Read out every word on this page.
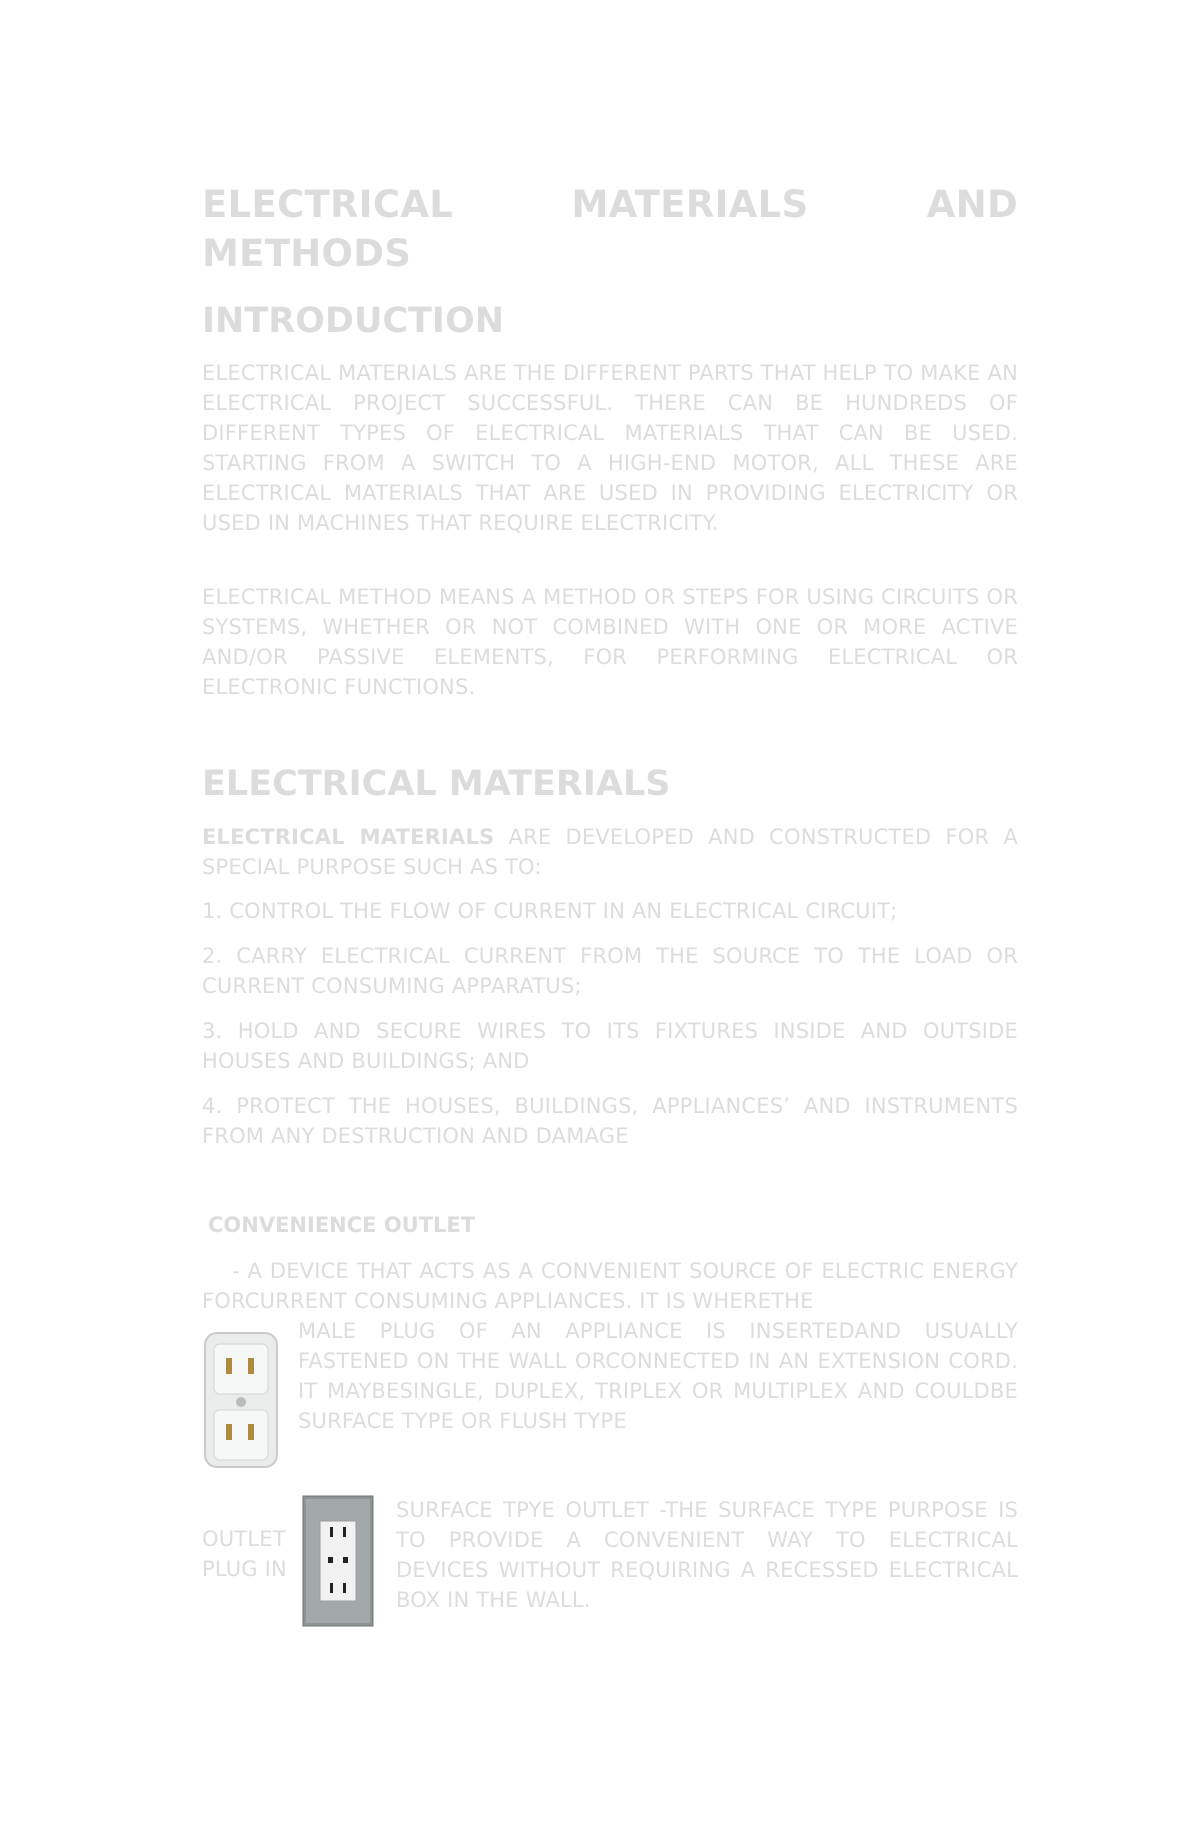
ELECTRICAL MATERIALS AND METHODS
INTRODUCTION
ELECTRICAL MATERIALS ARE THE DIFFERENT PARTS THAT HELP TO MAKE AN ELECTRICAL PROJECT SUCCESSFUL. THERE CAN BE HUNDREDS OF DIFFERENT TYPES OF ELECTRICAL MATERIALS THAT CAN BE USED. STARTING FROM A SWITCH TO A HIGH-END MOTOR, ALL THESE ARE ELECTRICAL MATERIALS THAT ARE USED IN PROVIDING ELECTRICITY OR USED IN MACHINES THAT REQUIRE ELECTRICITY.
ELECTRICAL METHOD MEANS A METHOD OR STEPS FOR USING CIRCUITS OR SYSTEMS, WHETHER OR NOT COMBINED WITH ONE OR MORE ACTIVE AND/OR PASSIVE ELEMENTS, FOR PERFORMING ELECTRICAL OR ELECTRONIC FUNCTIONS.
ELECTRICAL MATERIALS
ELECTRICAL MATERIALS ARE DEVELOPED AND CONSTRUCTED FOR A SPECIAL PURPOSE SUCH AS TO:
1. CONTROL THE FLOW OF CURRENT IN AN ELECTRICAL CIRCUIT;
2. CARRY ELECTRICAL CURRENT FROM THE SOURCE TO THE LOAD OR CURRENT CONSUMING APPARATUS;
3. HOLD AND SECURE WIRES TO ITS FIXTURES INSIDE AND OUTSIDE HOUSES AND BUILDINGS; AND
4. PROTECT THE HOUSES, BUILDINGS, APPLIANCES’ AND INSTRUMENTS FROM ANY DESTRUCTION AND DAMAGE
CONVENIENCE OUTLET
- A DEVICE THAT ACTS AS A CONVENIENT SOURCE OF ELECTRIC ENERGY FORCURRENT CONSUMING APPLIANCES. IT IS WHERETHE
MALE PLUG OF AN APPLIANCE IS INSERTEDAND USUALLY FASTENED ON THE WALL ORCONNECTED IN AN EXTENSION CORD. IT MAYBESINGLE, DUPLEX, TRIPLEX OR MULTIPLEX AND COULDBE SURFACE TYPE OR FLUSH TYPE
OUTLET
PLUG IN
SURFACE TPYE OUTLET -THE SURFACE TYPE PURPOSE IS TO PROVIDE A CONVENIENT WAY TO ELECTRICAL DEVICES WITHOUT REQUIRING A RECESSED ELECTRICAL BOX IN THE WALL.
